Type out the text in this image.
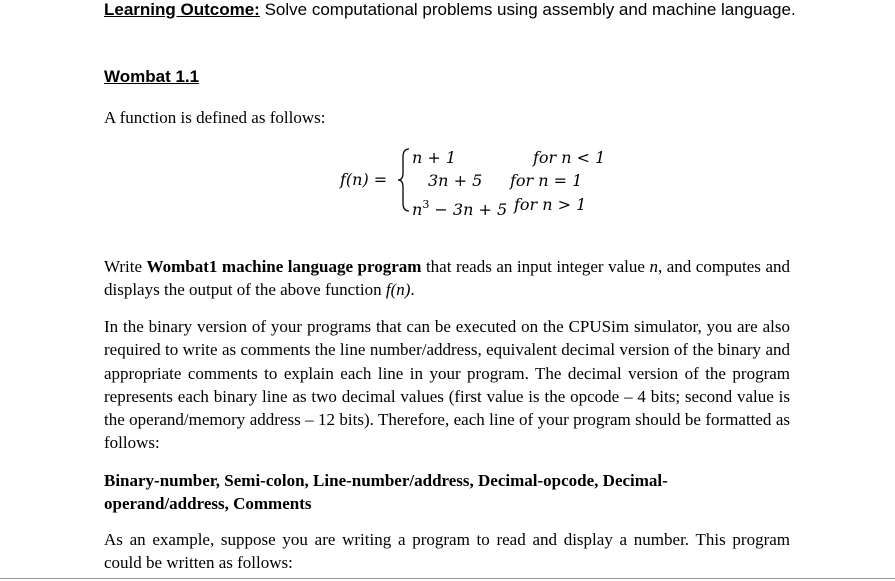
Learning Outcome: Solve computational problems using assembly and machine language.
Wombat 1.1
A function is defined as follows:
f(n) =
n + 1	for n < 1
3n + 5 for n = 1
$n^3 - 3n + 5$ for n > 1

Write Wombat1 machine language program that reads an input integer value n, and computes and displays the output of the above function f(n).

In the binary version of your programs that can be executed on the CPUSim simulator, you are also required to write as comments the line number/address, equivalent decimal version of the binary and appropriate comments to explain each line in your program. The decimal version of the program represents each binary line as two decimal values (first value is the opcode – 4 bits; second value is the operand/memory address – 12 bits). Therefore, each line of your program should be formatted as follows:

Binary-number, Semi-colon, Line-number/address, Decimal-opcode, Decimal-operand/address, Comments

As an example, suppose you are writing a program to read and display a number. This program could be written as follows:
